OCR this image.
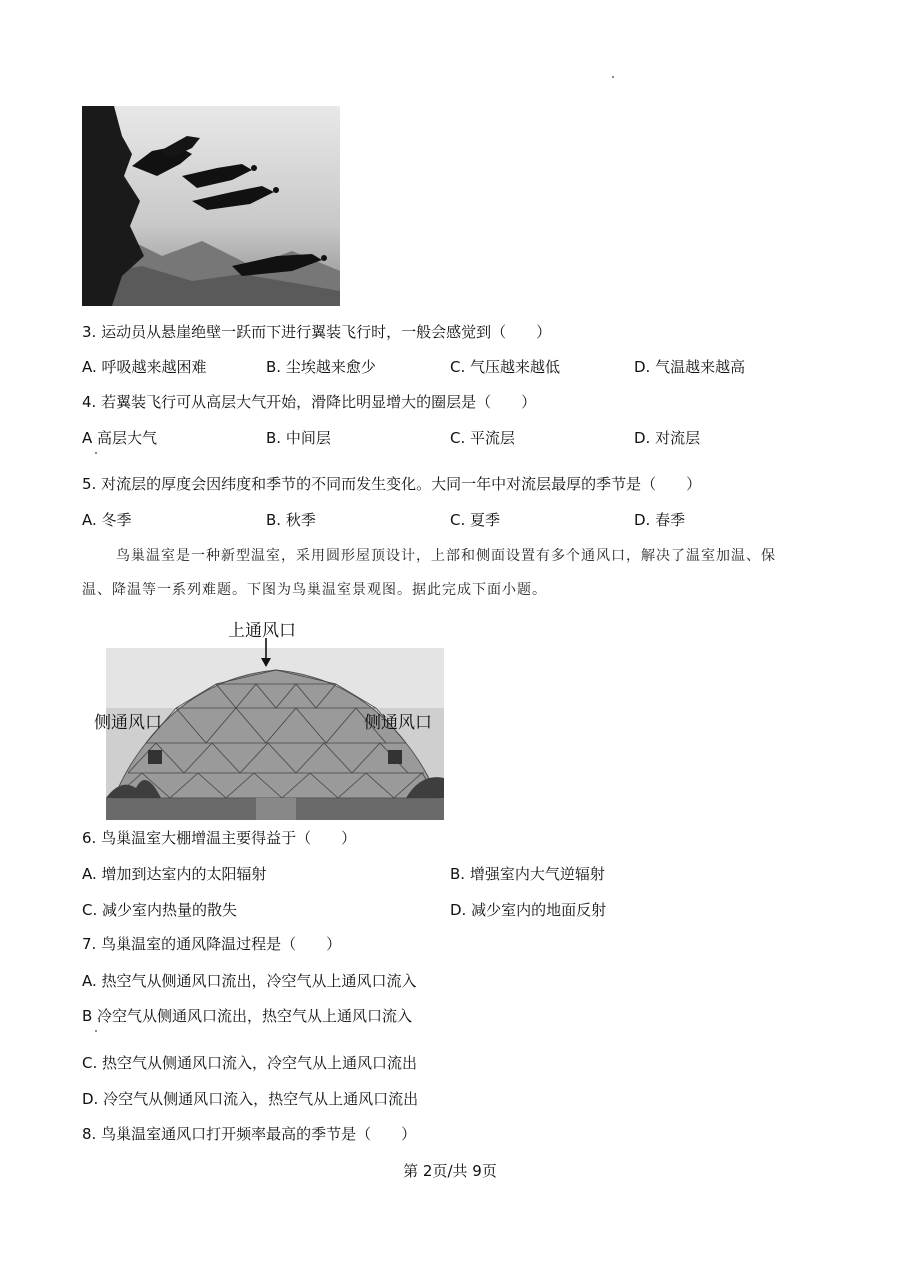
3. 运动员从悬崖绝壁一跃而下进行翼装飞行时，一般会感觉到（　　）
A. 呼吸越来越困难	B. 尘埃越来愈少	C. 气压越来越低	D. 气温越来越高
4. 若翼装飞行可从高层大气开始，滑降比明显增大的圈层是（　　）
A 高层大气	B. 中间层	C. 平流层	D. 对流层
5. 对流层的厚度会因纬度和季节的不同而发生变化。大同一年中对流层最厚的季节是（　　）
A. 冬季	B. 秋季	C. 夏季	D. 春季
鸟巢温室是一种新型温室，采用圆形屋顶设计，上部和侧面设置有多个通风口，解决了温室加温、保
温、降温等一系列难题。下图为鸟巢温室景观图。据此完成下面小题。
上通风口
侧通风口	侧通风口
6. 鸟巢温室大棚增温主要得益于（　　）
A. 增加到达室内的太阳辐射	B. 增强室内大气逆辐射
C. 减少室内热量的散失	D. 减少室内的地面反射
7. 鸟巢温室的通风降温过程是（　　）
A. 热空气从侧通风口流出，冷空气从上通风口流入
B 冷空气从侧通风口流出，热空气从上通风口流入
C. 热空气从侧通风口流入，冷空气从上通风口流出
D. 冷空气从侧通风口流入，热空气从上通风口流出
8. 鸟巢温室通风口打开频率最高的季节是（　　）
第 2页/共 9页
